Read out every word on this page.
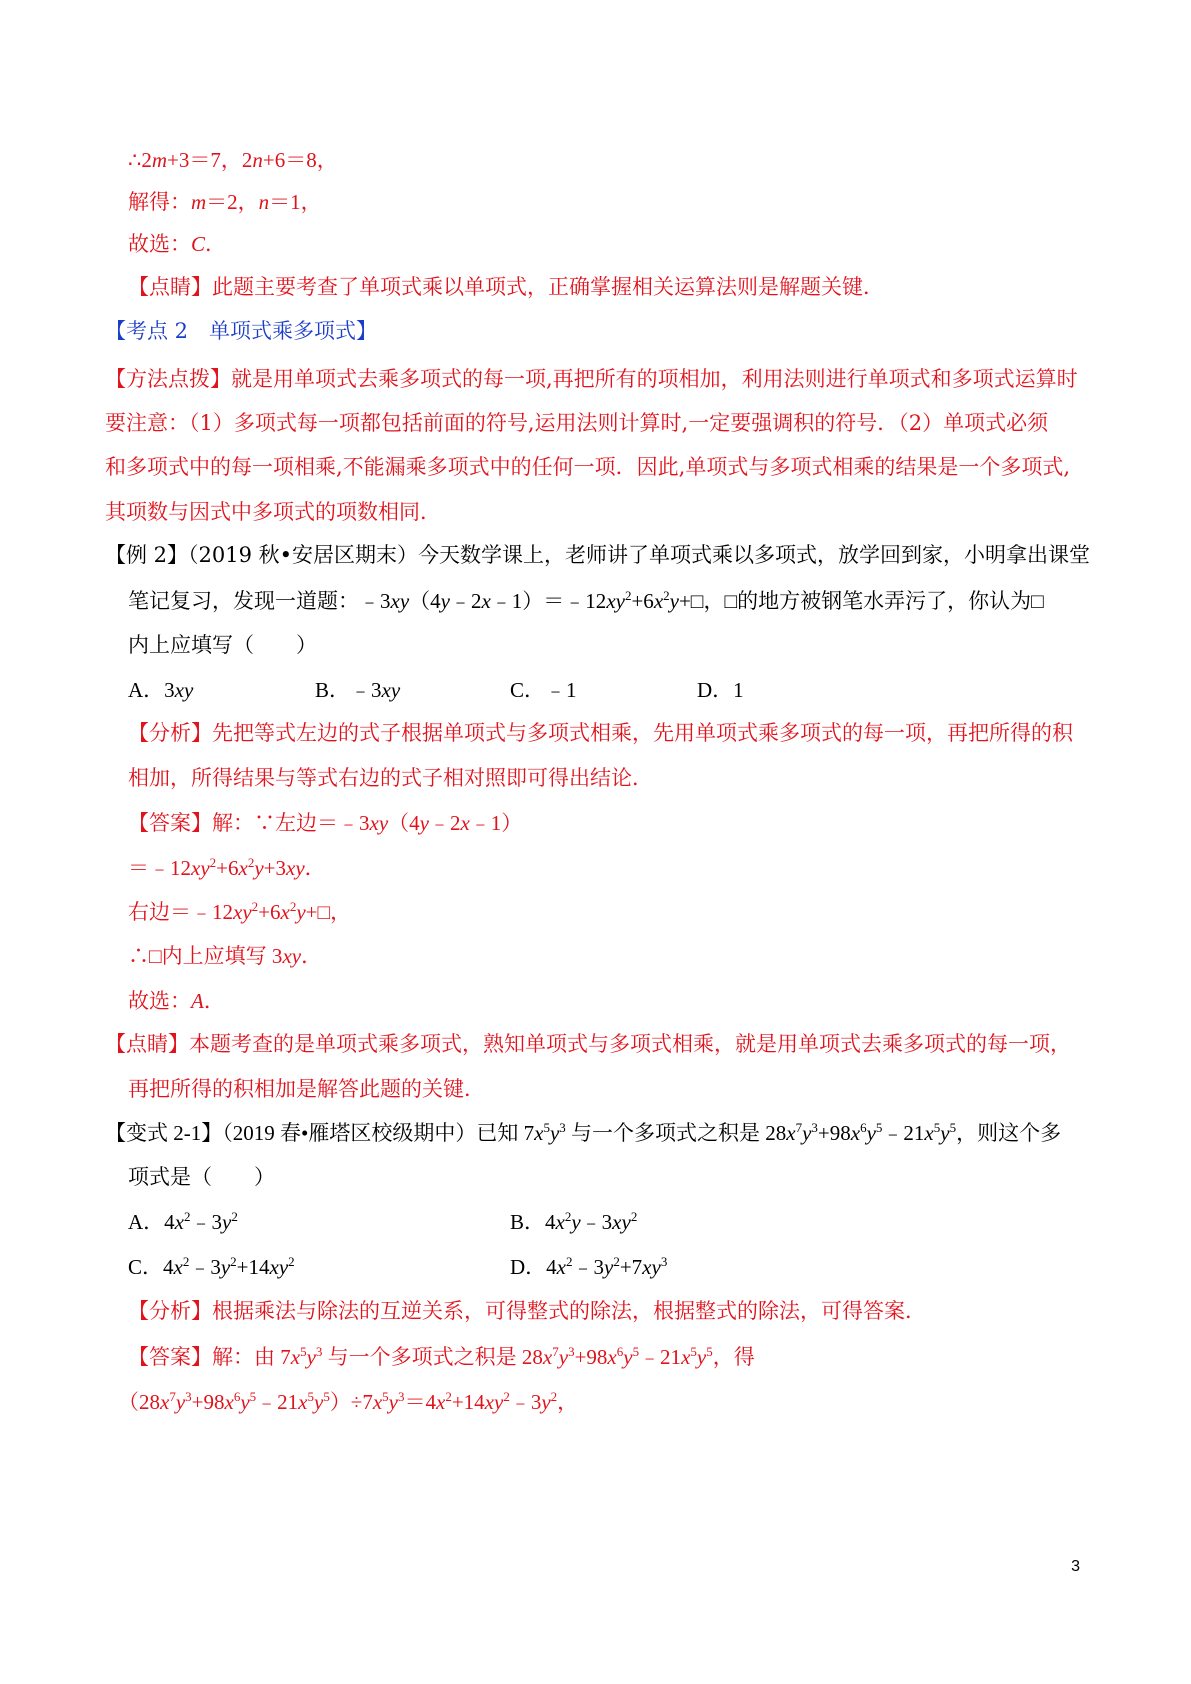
∴2m+3＝7，2n+6＝8，

解得：m＝2，n＝1，

故选：C．

【点睛】此题主要考查了单项式乘以单项式，正确掌握相关运算法则是解题关键．

【考点 2　单项式乘多项式】

【方法点拨】就是用单项式去乘多项式的每一项,再把所有的项相加，利用法则进行单项式和多项式运算时

要注意：（1）多项式每一项都包括前面的符号,运用法则计算时,一定要强调积的符号．（2）单项式必须

和多项式中的每一项相乘,不能漏乘多项式中的任何一项．因此,单项式与多项式相乘的结果是一个多项式,

其项数与因式中多项式的项数相同．

【例 2】（2019 秋•安居区期末）今天数学课上，老师讲了单项式乘以多项式，放学回到家，小明拿出课堂

笔记复习，发现一道题：$﹣3xy(4y﹣2x﹣1)=﹣12xy^2+6x^2y+□$，□的地方被钢笔水弄污了，你认为□

内上应填写（　　）

A．3xy	B．﹣3xy	C．﹣1	D．1

【分析】先把等式左边的式子根据单项式与多项式相乘，先用单项式乘多项式的每一项，再把所得的积

相加，所得结果与等式右边的式子相对照即可得出结论．

【答案】解：∵左边＝﹣3xy（4y﹣2x﹣1）

$=﹣12xy^2+6x^2y+3xy$．

右边$=﹣12xy^2+6x^2y+□$，

∴□内上应填写 3xy．

故选：A．

【点睛】本题考查的是单项式乘多项式，熟知单项式与多项式相乘，就是用单项式去乘多项式的每一项，

再把所得的积相加是解答此题的关键．

【变式 2-1】（2019 春•雁塔区校级期中）已知 $7x^5y^3$ 与一个多项式之积是 $28x^7y^3+98x^6y^5﹣21x^5y^5$，则这个多

项式是（　　）

A．$4x^2﹣3y^2$	B．$4x^2y﹣3xy^2$
C．$4x^2﹣3y^2+14xy^2$	D．$4x^2﹣3y^2+7xy^3$

【分析】根据乘法与除法的互逆关系，可得整式的除法，根据整式的除法，可得答案．

【答案】解：由 $7x^5y^3$ 与一个多项式之积是 $28x^7y^3+98x^6y^5﹣21x^5y^5$，得

$(28x^7y^3+98x^6y^5﹣21x^5y^5)\div 7x^5y^3=4x^2+14xy^2﹣3y^2$，

3
